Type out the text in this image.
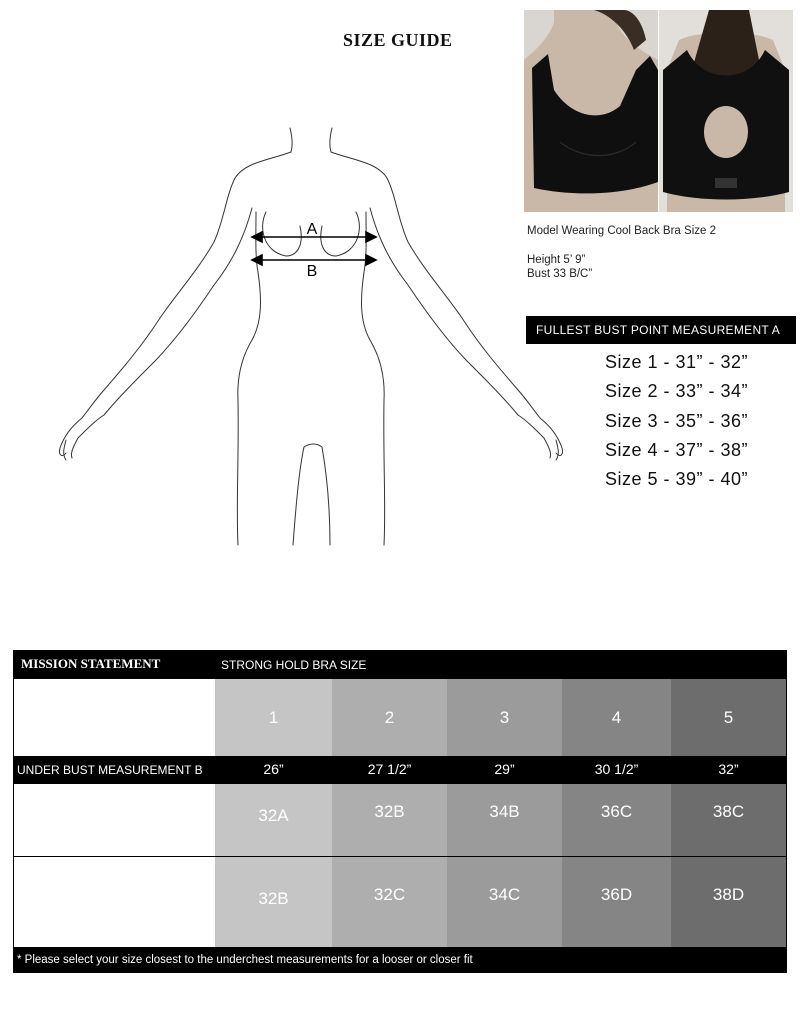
SIZE GUIDE
A
B
Model Wearing Cool Back Bra Size 2
Height 5’ 9”
Bust 33 B/C”
FULLEST BUST POINT MEASUREMENT A
Size 1 - 31” - 32”
Size 2 - 33” - 34”
Size 3 - 35” - 36”
Size 4 - 37” - 38”
Size 5 - 39” - 40”
MISSION STATEMENT	STRONG HOLD BRA SIZE
1	2	3	4	5
UNDER BUST MEASUREMENT B	26”	27 1/2”	29”	30 1/2”	32”
32A	32B	34B	36C	38C
32B	32C	34C	36D	38D
* Please select your size closest to the underchest measurements for a looser or closer fit
